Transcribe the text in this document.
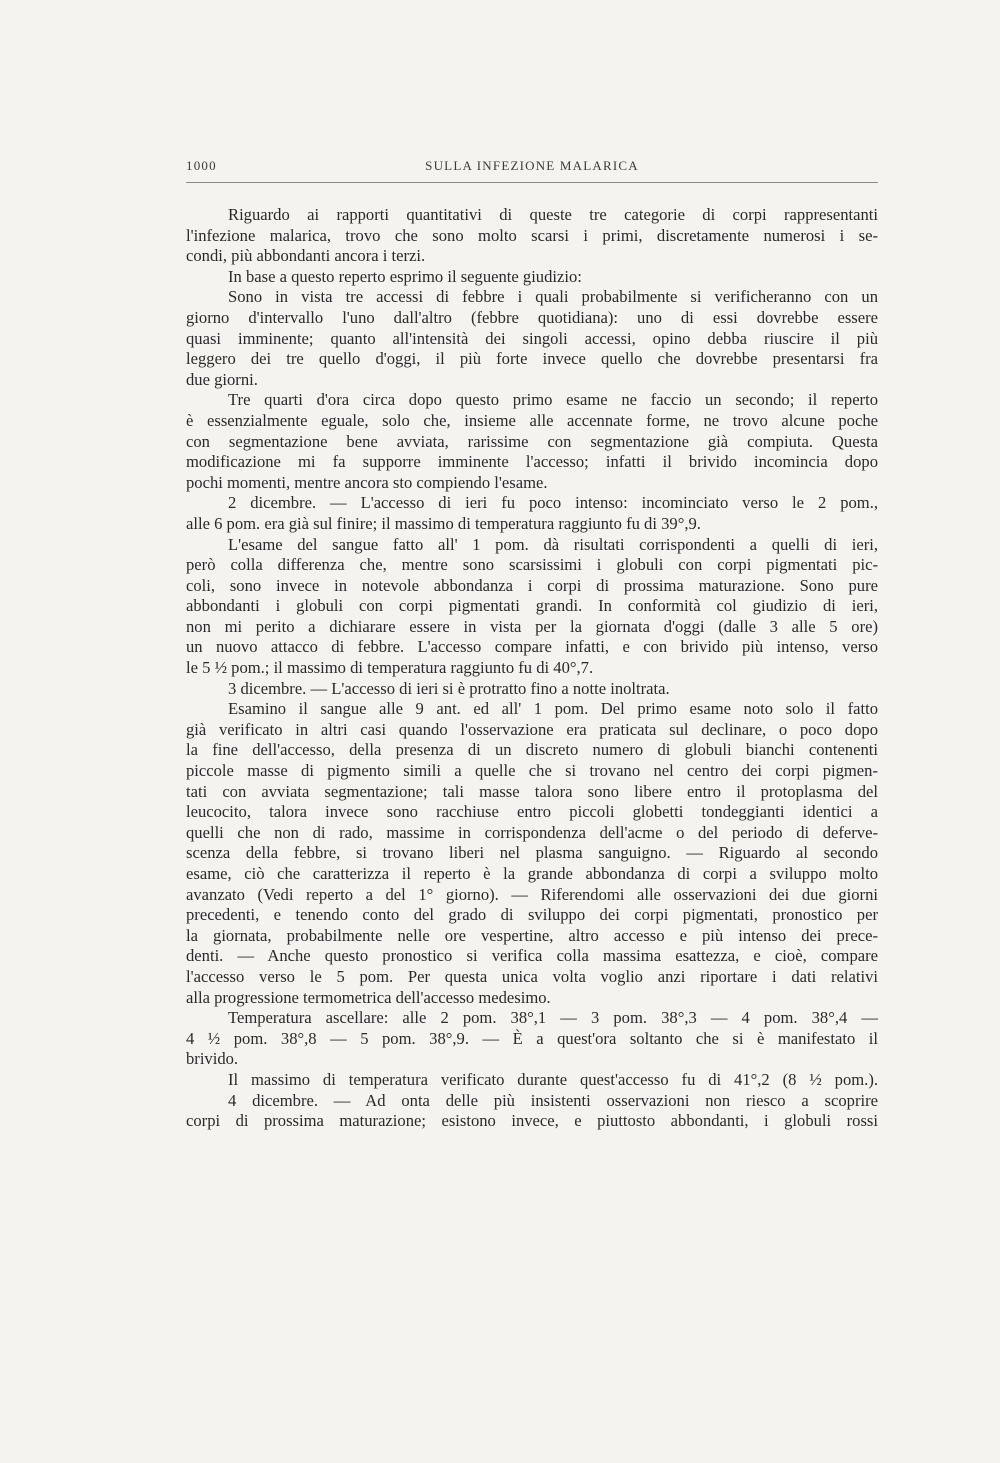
1000	SULLA INFEZIONE MALARICA
Riguardo ai rapporti quantitativi di queste tre categorie di corpi rappresentanti
l'infezione malarica, trovo che sono molto scarsi i primi, discretamente numerosi i se-
condi, più abbondanti ancora i terzi.
In base a questo reperto esprimo il seguente giudizio:
Sono in vista tre accessi di febbre i quali probabilmente si verificheranno con un
giorno d'intervallo l'uno dall'altro (febbre quotidiana): uno di essi dovrebbe essere
quasi imminente; quanto all'intensità dei singoli accessi, opino debba riuscire il più
leggero dei tre quello d'oggi, il più forte invece quello che dovrebbe presentarsi fra
due giorni.
Tre quarti d'ora circa dopo questo primo esame ne faccio un secondo; il reperto
è essenzialmente eguale, solo che, insieme alle accennate forme, ne trovo alcune poche
con segmentazione bene avviata, rarissime con segmentazione già compiuta. Questa
modificazione mi fa supporre imminente l'accesso; infatti il brivido incomincia dopo
pochi momenti, mentre ancora sto compiendo l'esame.
2 dicembre. — L'accesso di ieri fu poco intenso: incominciato verso le 2 pom.,
alle 6 pom. era già sul finire; il massimo di temperatura raggiunto fu di 39°,9.
L'esame del sangue fatto all' 1 pom. dà risultati corrispondenti a quelli di ieri,
però colla differenza che, mentre sono scarsissimi i globuli con corpi pigmentati pic-
coli, sono invece in notevole abbondanza i corpi di prossima maturazione. Sono pure
abbondanti i globuli con corpi pigmentati grandi. In conformità col giudizio di ieri,
non mi perito a dichiarare essere in vista per la giornata d'oggi (dalle 3 alle 5 ore)
un nuovo attacco di febbre. L'accesso compare infatti, e con brivido più intenso, verso
le 5 ½ pom.; il massimo di temperatura raggiunto fu di 40°,7.
3 dicembre. — L'accesso di ieri si è protratto fino a notte inoltrata.
Esamino il sangue alle 9 ant. ed all' 1 pom. Del primo esame noto solo il fatto
già verificato in altri casi quando l'osservazione era praticata sul declinare, o poco dopo
la fine dell'accesso, della presenza di un discreto numero di globuli bianchi contenenti
piccole masse di pigmento simili a quelle che si trovano nel centro dei corpi pigmen-
tati con avviata segmentazione; tali masse talora sono libere entro il protoplasma del
leucocito, talora invece sono racchiuse entro piccoli globetti tondeggianti identici a
quelli che non di rado, massime in corrispondenza dell'acme o del periodo di deferve-
scenza della febbre, si trovano liberi nel plasma sanguigno. — Riguardo al secondo
esame, ciò che caratterizza il reperto è la grande abbondanza di corpi a sviluppo molto
avanzato (Vedi reperto a del 1° giorno). — Riferendomi alle osservazioni dei due giorni
precedenti, e tenendo conto del grado di sviluppo dei corpi pigmentati, pronostico per
la giornata, probabilmente nelle ore vespertine, altro accesso e più intenso dei prece-
denti. — Anche questo pronostico si verifica colla massima esattezza, e cioè, compare
l'accesso verso le 5 pom. Per questa unica volta voglio anzi riportare i dati relativi
alla progressione termometrica dell'accesso medesimo.
Temperatura ascellare: alle 2 pom. 38°,1 — 3 pom. 38°,3 — 4 pom. 38°,4 —
4 ½ pom. 38°,8 — 5 pom. 38°,9. — È a quest'ora soltanto che si è manifestato il
brivido.
Il massimo di temperatura verificato durante quest'accesso fu di 41°,2 (8 ½ pom.).
4 dicembre. — Ad onta delle più insistenti osservazioni non riesco a scoprire
corpi di prossima maturazione; esistono invece, e piuttosto abbondanti, i globuli rossi
